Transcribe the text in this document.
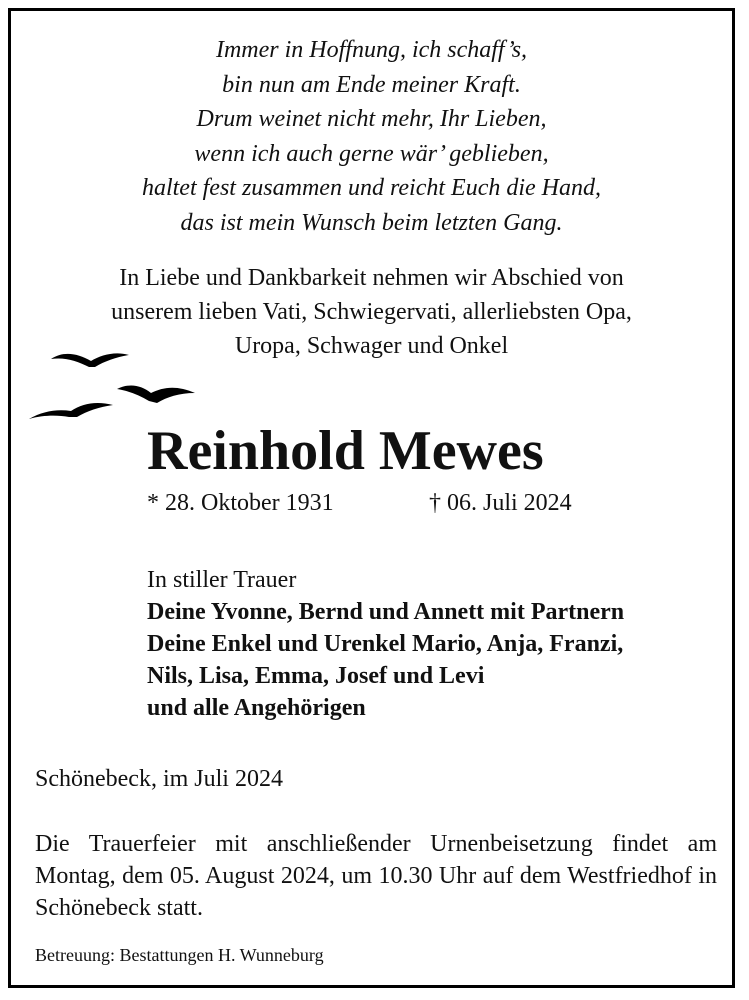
Immer in Hoffnung, ich schaff’s,
bin nun am Ende meiner Kraft.
Drum weinet nicht mehr, Ihr Lieben,
wenn ich auch gerne wär’ geblieben,
haltet fest zusammen und reicht Euch die Hand,
das ist mein Wunsch beim letzten Gang.
In Liebe und Dankbarkeit nehmen wir Abschied von
unserem lieben Vati, Schwiegervati, allerliebsten Opa,
Uropa, Schwager und Onkel
Reinhold Mewes
* 28. Oktober 1931	† 06. Juli 2024
In stiller Trauer
Deine Yvonne, Bernd und Annett mit Partnern
Deine Enkel und Urenkel Mario, Anja, Franzi,
Nils, Lisa, Emma, Josef und Levi
und alle Angehörigen
Schönebeck, im Juli 2024
Die Trauerfeier mit anschließender Urnenbeisetzung findet am Montag, dem 05. August 2024, um 10.30 Uhr auf dem Westfriedhof in Schönebeck statt.
Betreuung: Bestattungen H. Wunneburg
